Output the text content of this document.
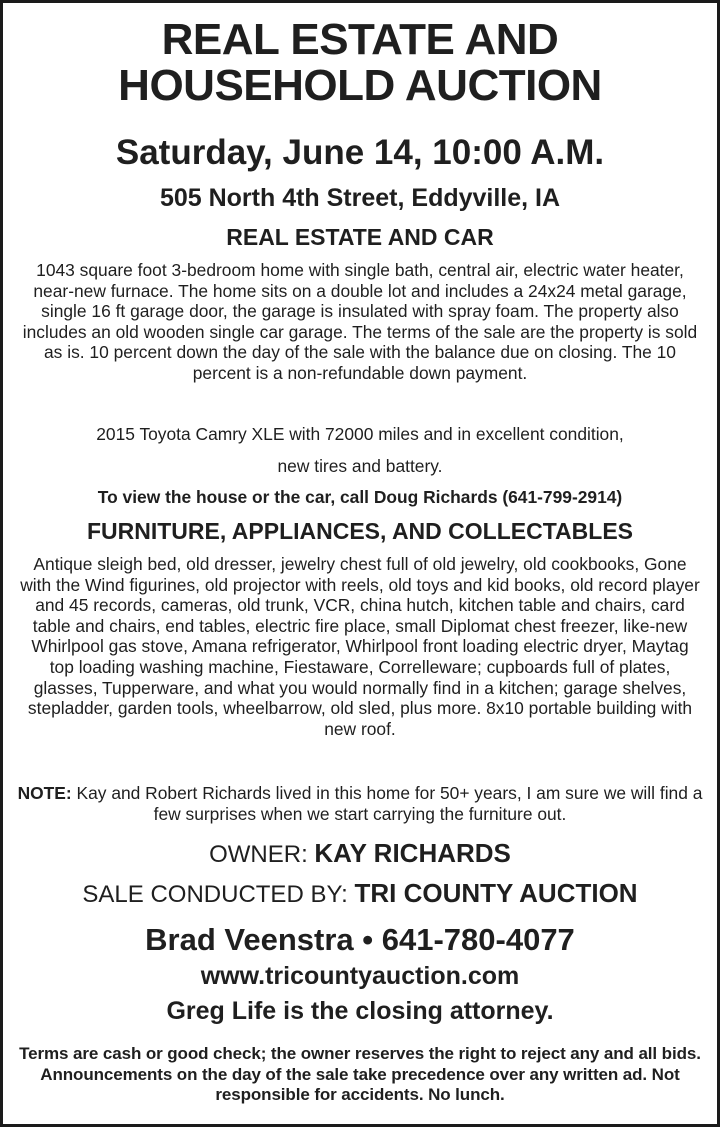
REAL ESTATE AND
HOUSEHOLD AUCTION
Saturday, June 14, 10:00 A.M.
505 North 4th Street, Eddyville, IA
REAL ESTATE AND CAR
1043 square foot 3-bedroom home with single bath, central air, electric water heater, near-new furnace. The home sits on a double lot and includes a 24x24 metal garage, single 16 ft garage door, the garage is insulated with spray foam. The property also includes an old wooden single car garage. The terms of the sale are the property is sold as is. 10 percent down the day of the sale with the balance due on closing. The 10 percent is a non-refundable down payment.
2015 Toyota Camry XLE with 72000 miles and in excellent condition,
new tires and battery.
To view the house or the car, call Doug Richards (641-799-2914)
FURNITURE, APPLIANCES, AND COLLECTABLES
Antique sleigh bed, old dresser, jewelry chest full of old jewelry, old cookbooks, Gone with the Wind figurines, old projector with reels, old toys and kid books, old record player and 45 records, cameras, old trunk, VCR, china hutch, kitchen table and chairs, card table and chairs, end tables, electric fire place, small Diplomat chest freezer, like-new Whirlpool gas stove, Amana refrigerator, Whirlpool front loading electric dryer, Maytag top loading washing machine, Fiestaware, Correlleware; cupboards full of plates, glasses, Tupperware, and what you would normally find in a kitchen; garage shelves, stepladder, garden tools, wheelbarrow, old sled, plus more. 8x10 portable building with new roof.
NOTE: Kay and Robert Richards lived in this home for 50+ years, I am sure we will find a few surprises when we start carrying the furniture out.
OWNER: KAY RICHARDS
SALE CONDUCTED BY: TRI COUNTY AUCTION
Brad Veenstra • 641-780-4077
www.tricountyauction.com
Greg Life is the closing attorney.
Terms are cash or good check; the owner reserves the right to reject any and all bids. Announcements on the day of the sale take precedence over any written ad. Not responsible for accidents. No lunch.
